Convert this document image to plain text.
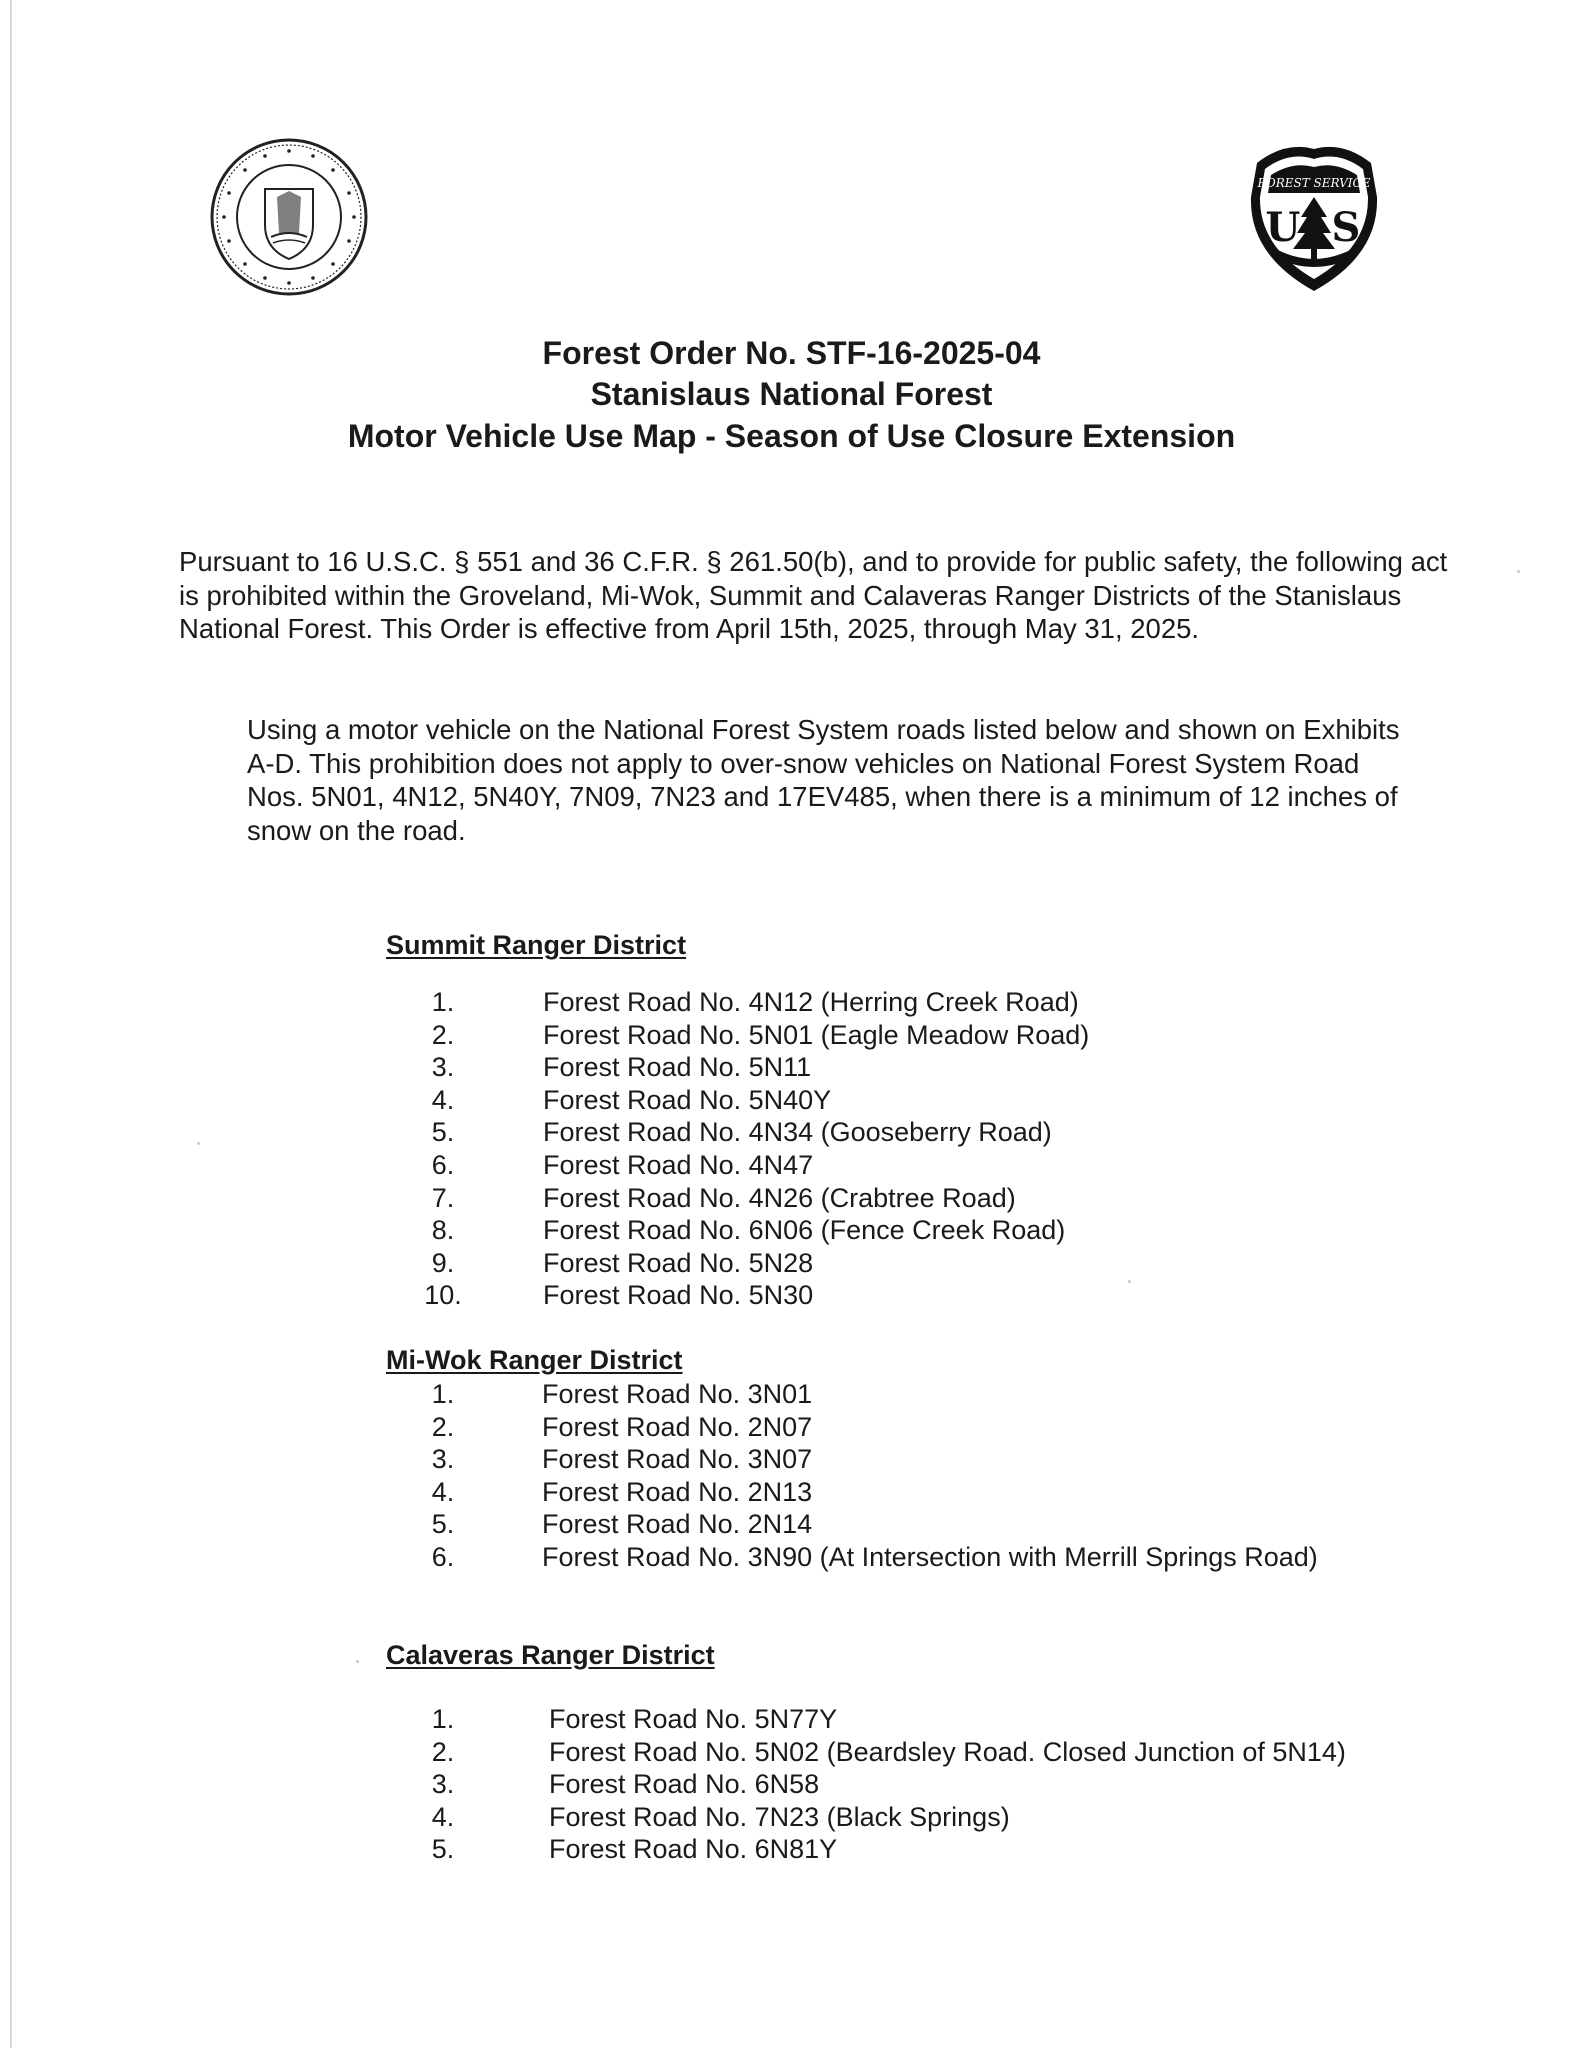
FOREST SERVICE
U S
Forest Order No. STF-16-2025-04
Stanislaus National Forest
Motor Vehicle Use Map - Season of Use Closure Extension

Pursuant to 16 U.S.C. § 551 and 36 C.F.R. § 261.50(b), and to provide for public safety, the following act is prohibited within the Groveland, Mi-Wok, Summit and Calaveras Ranger Districts of the Stanislaus National Forest. This Order is effective from April 15th, 2025, through May 31, 2025.

Using a motor vehicle on the National Forest System roads listed below and shown on Exhibits A-D. This prohibition does not apply to over-snow vehicles on National Forest System Road Nos. 5N01, 4N12, 5N40Y, 7N09, 7N23 and 17EV485, when there is a minimum of 12 inches of snow on the road.

Summit Ranger District
1.	Forest Road No. 4N12 (Herring Creek Road)
2.	Forest Road No. 5N01 (Eagle Meadow Road)
3.	Forest Road No. 5N11
4.	Forest Road No. 5N40Y
5.	Forest Road No. 4N34 (Gooseberry Road)
6.	Forest Road No. 4N47
7.	Forest Road No. 4N26 (Crabtree Road)
8.	Forest Road No. 6N06 (Fence Creek Road)
9.	Forest Road No. 5N28
10.	Forest Road No. 5N30
Mi-Wok Ranger District
1.	Forest Road No. 3N01
2.	Forest Road No. 2N07
3.	Forest Road No. 3N07
4.	Forest Road No. 2N13
5.	Forest Road No. 2N14
6.	Forest Road No. 3N90 (At Intersection with Merrill Springs Road)
Calaveras Ranger District
1.	Forest Road No. 5N77Y
2.	Forest Road No. 5N02 (Beardsley Road. Closed Junction of 5N14)
3.	Forest Road No. 6N58
4.	Forest Road No. 7N23 (Black Springs)
5.	Forest Road No. 6N81Y
